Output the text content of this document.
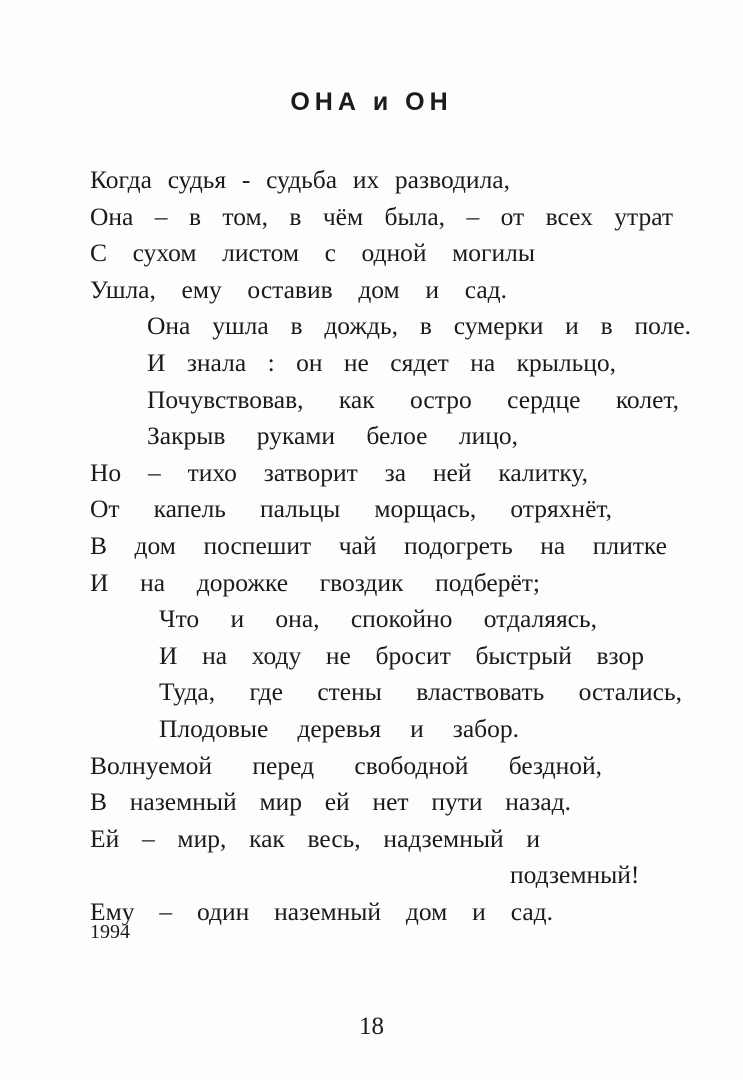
ОНА и ОН
Когда судья - судьба их разводила,
Она – в том, в чём была, – от всех утрат
С сухом листом с одной могилы
Ушла, ему оставив дом и сад.
Она ушла в дождь, в сумерки и в поле.
И знала : он не сядет на крыльцо,
Почувствовав, как остро сердце колет,
Закрыв руками белое лицо,
Но – тихо затворит за ней калитку,
От капель пальцы морщась, отряхнёт,
В дом поспешит чай подогреть на плитке
И на дорожке гвоздик подберёт;
Что и она, спокойно отдаляясь,
И на ходу не бросит быстрый взор
Туда, где стены властвовать остались,
Плодовые деревья и забор.
Волнуемой перед свободной бездной,
В наземный мир ей нет пути назад.
Ей – мир, как весь, надземный и
подземный!
Ему – один наземный дом и сад.
1994
18
